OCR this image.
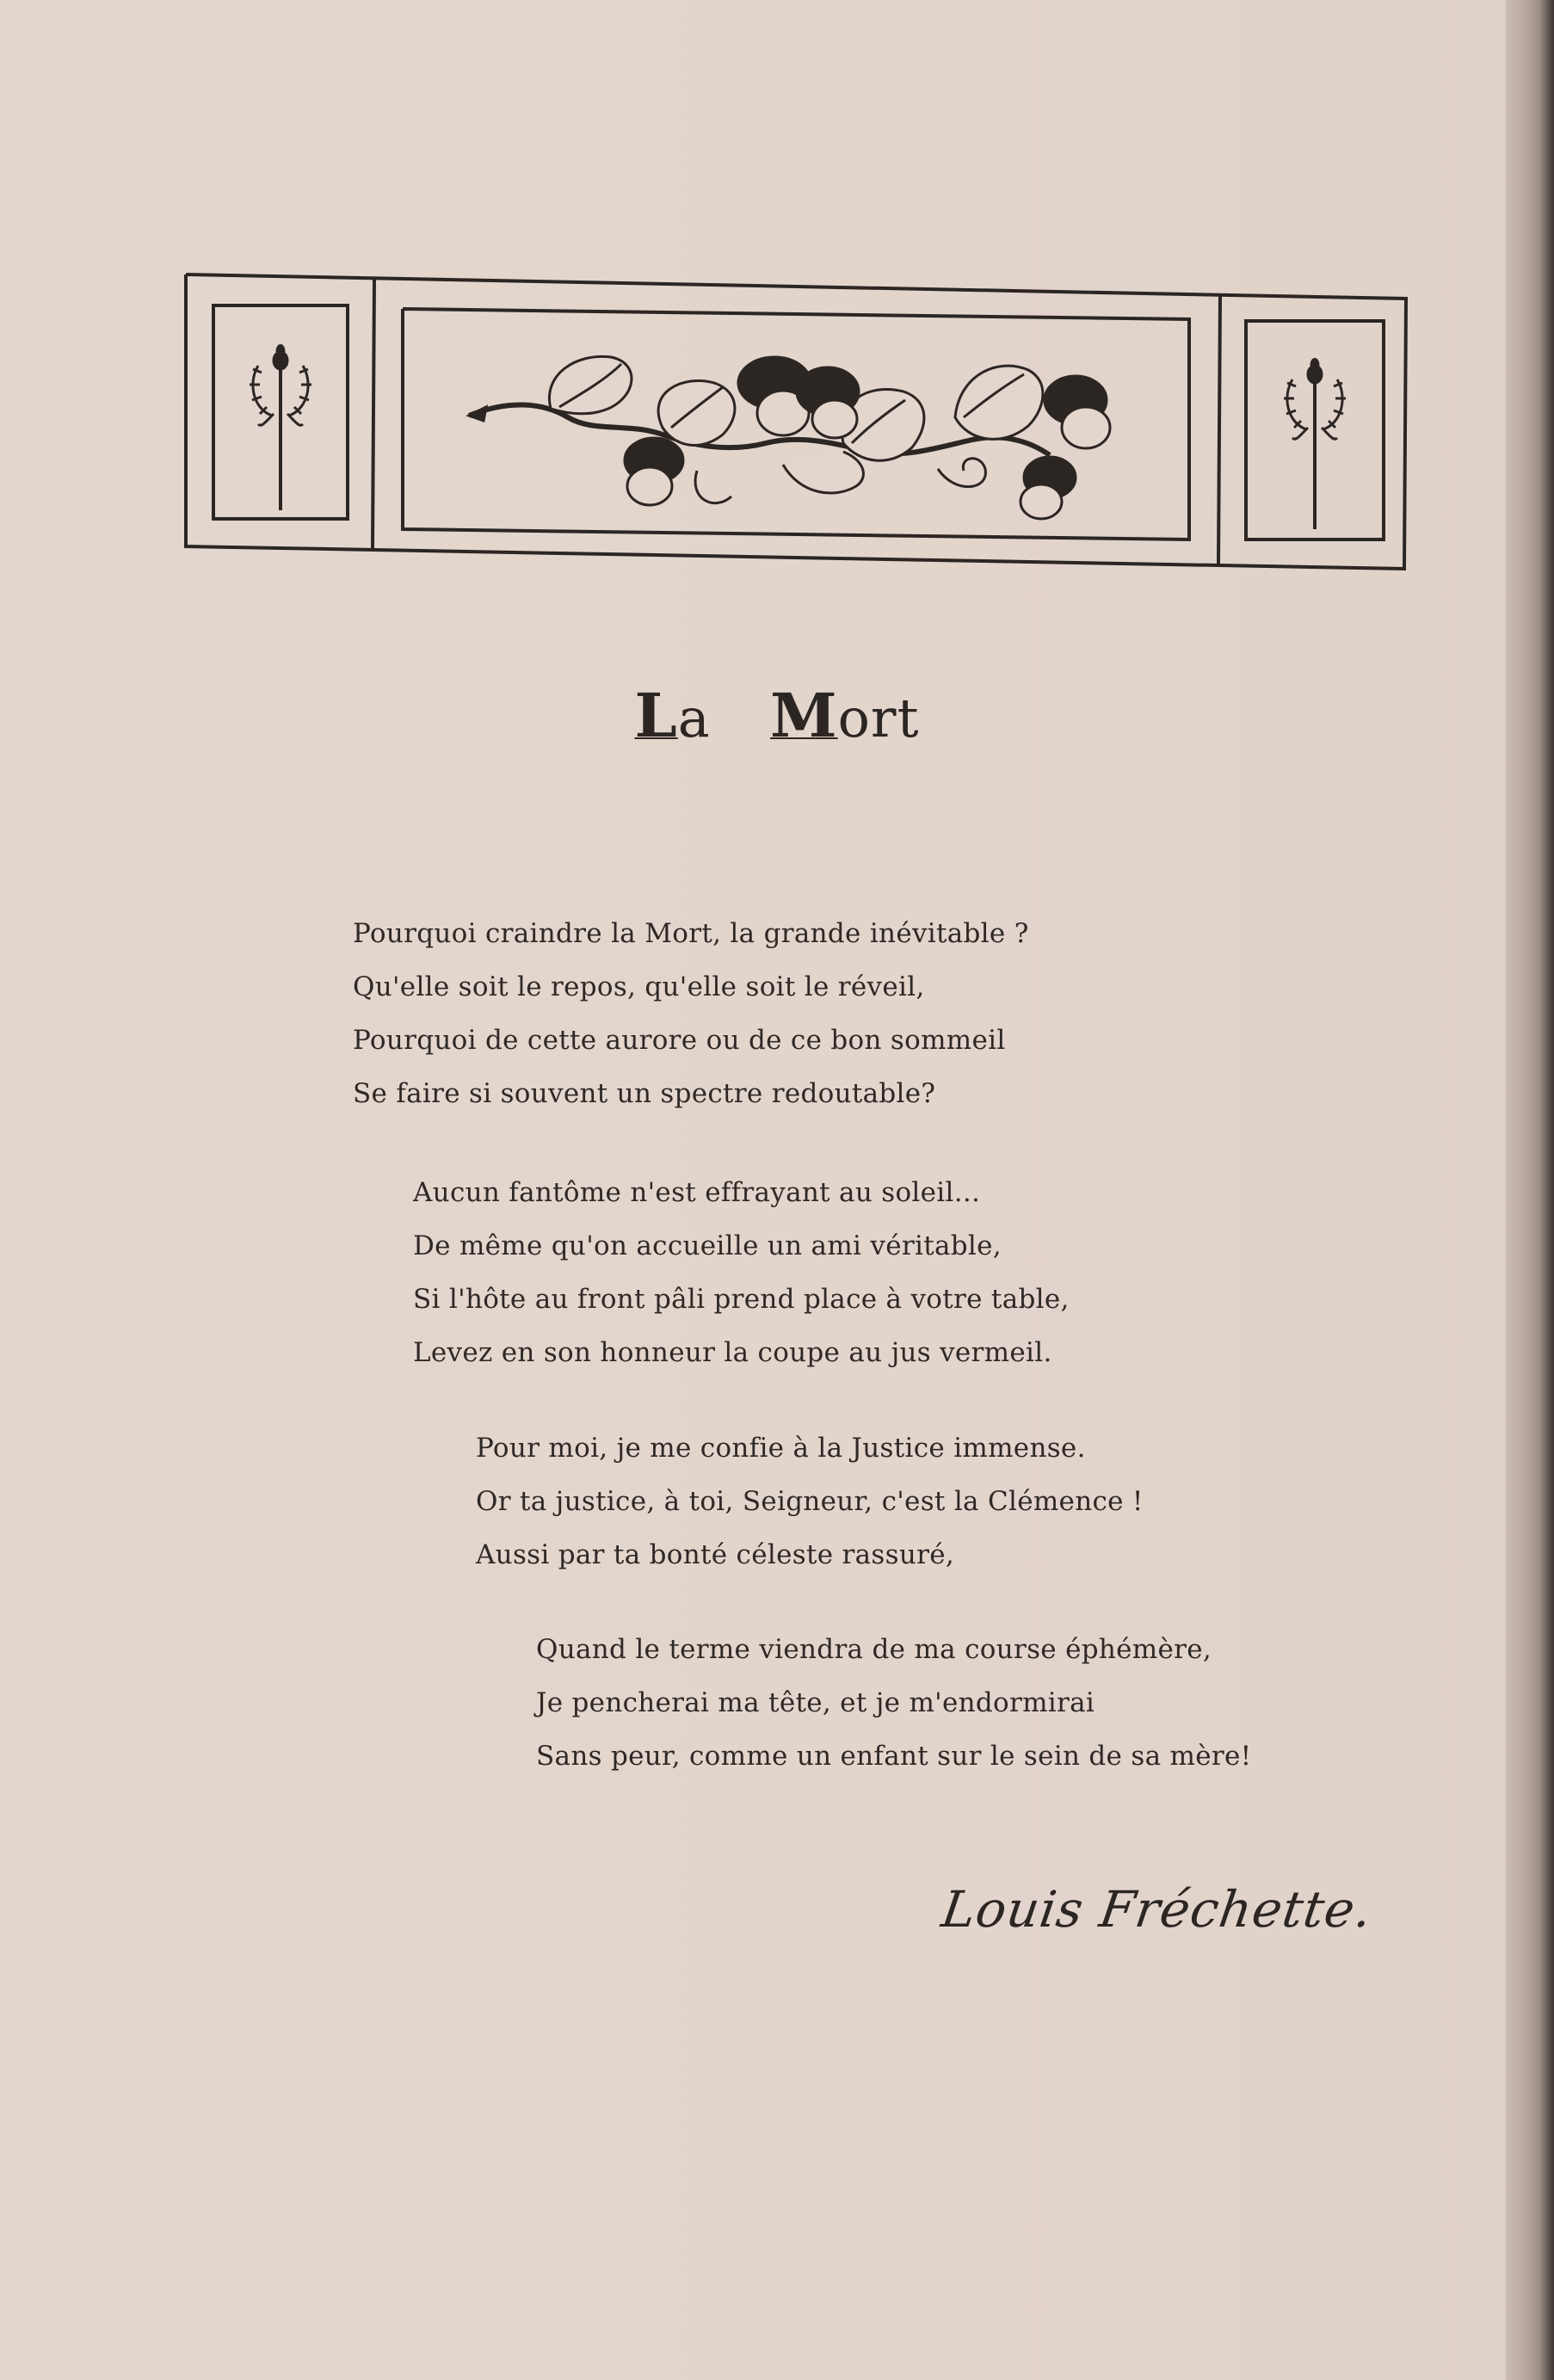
La Mort
Pourquoi craindre la Mort, la grande inévitable ?
Qu'elle soit le repos, qu'elle soit le réveil,
Pourquoi de cette aurore ou de ce bon sommeil
Se faire si souvent un spectre redoutable?
Aucun fantôme n'est effrayant au soleil...
De même qu'on accueille un ami véritable,
Si l'hôte au front pâli prend place à votre table,
Levez en son honneur la coupe au jus vermeil.
Pour moi, je me confie à la Justice immense.
Or ta justice, à toi, Seigneur, c'est la Clémence !
Aussi par ta bonté céleste rassuré,
Quand le terme viendra de ma course éphémère,
Je pencherai ma tête, et je m'endormirai
Sans peur, comme un enfant sur le sein de sa mère!
Louis Fréchette.
